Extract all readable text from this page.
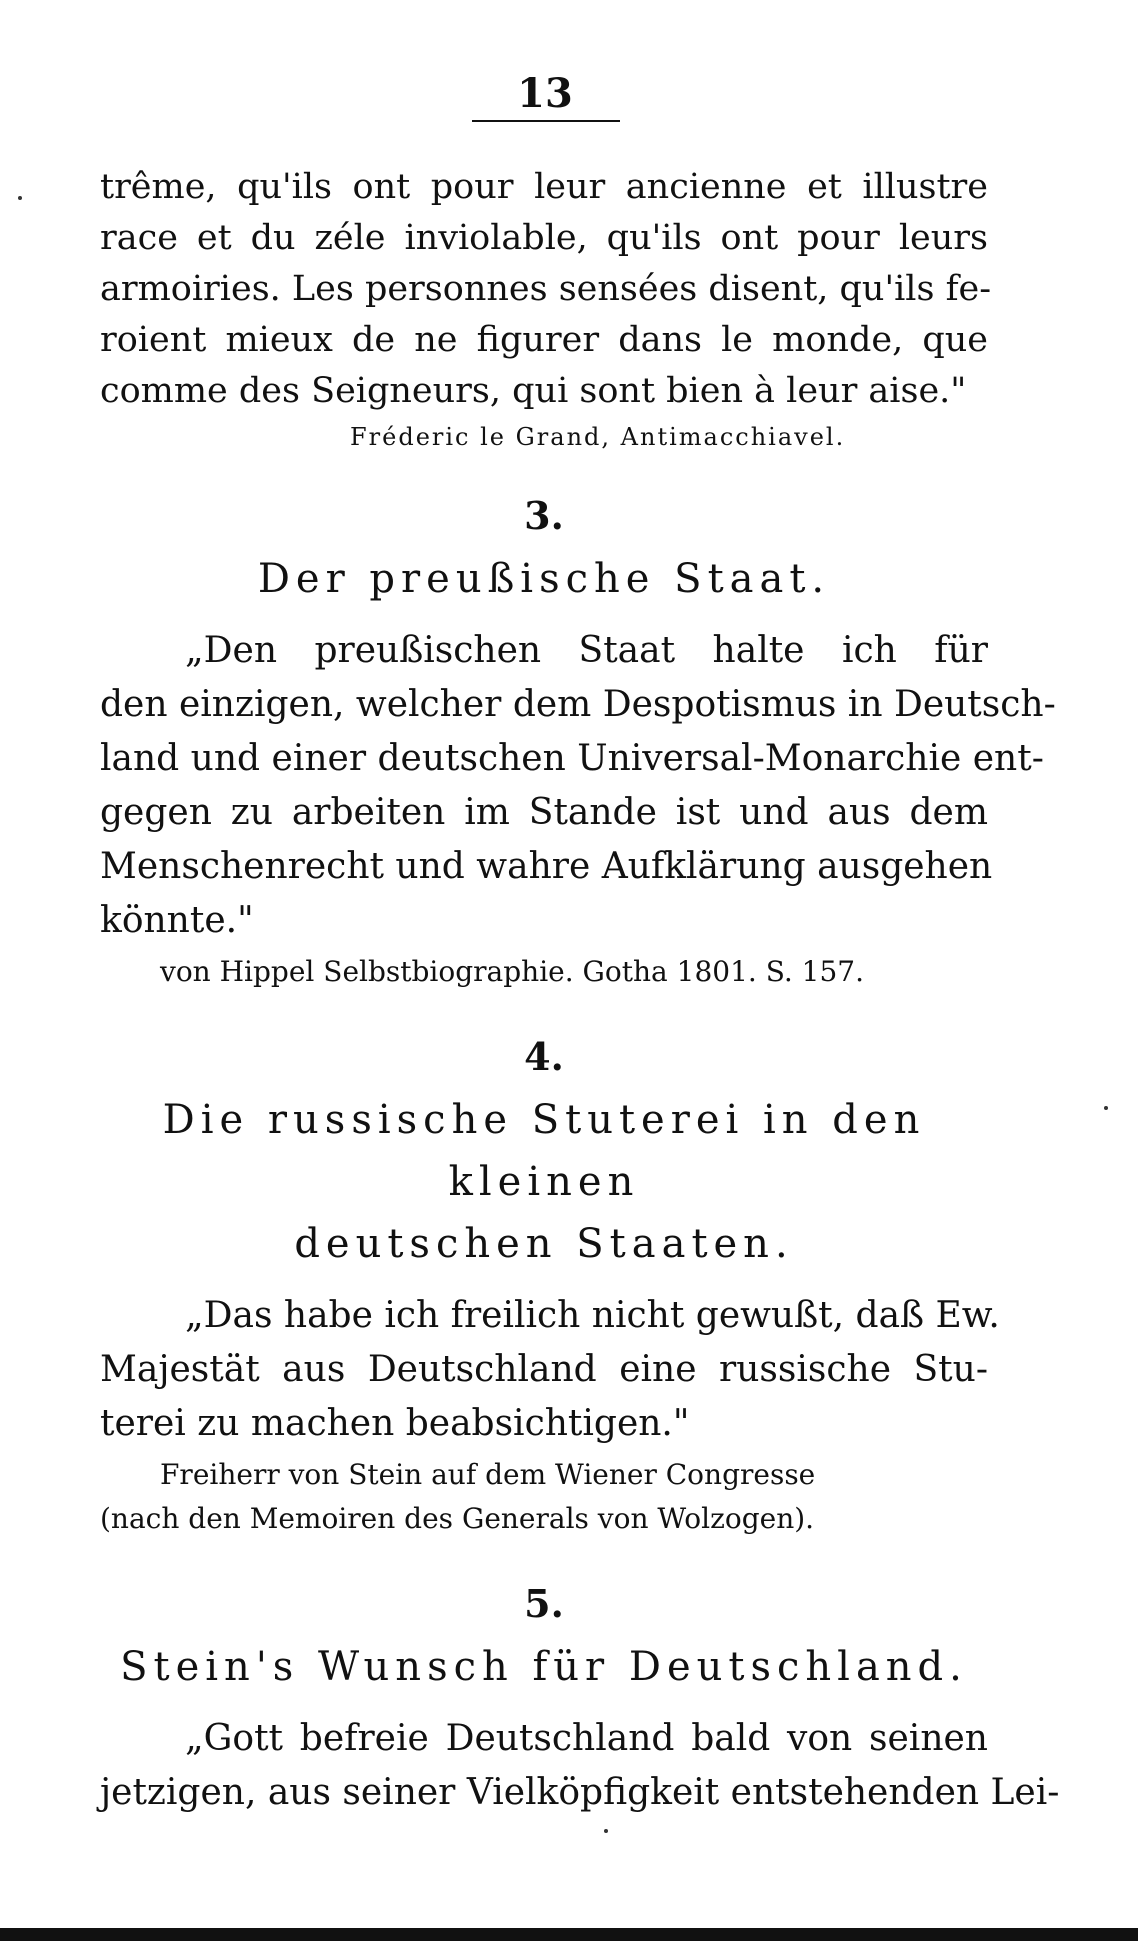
13

trême, qu'ils ont pour leur ancienne et illustre
race et du zéle inviolable, qu'ils ont pour leurs
armoiries. Les personnes sensées disent, qu'ils fe-
roient mieux de ne figurer dans le monde, que
comme des Seigneurs, qui sont bien à leur aise."

Fréderic le Grand, Antimacchiavel.
3.
Der preußische Staat.

„Den preußischen Staat halte ich für
den einzigen, welcher dem Despotismus in Deutsch-
land und einer deutschen Universal-Monarchie ent-
gegen zu arbeiten im Stande ist und aus dem
Menschenrecht und wahre Aufklärung ausgehen
könnte."

von Hippel Selbstbiographie. Gotha 1801. S. 157.
4.
Die russische Stuterei in den kleinen
deutschen Staaten.

„Das habe ich freilich nicht gewußt, daß Ew.
Majestät aus Deutschland eine russische Stu-
terei zu machen beabsichtigen."

Freiherr von Stein auf dem Wiener Congresse
(nach den Memoiren des Generals von Wolzogen).
5.
Stein's Wunsch für Deutschland.

„Gott befreie Deutschland bald von seinen
jetzigen, aus seiner Vielköpfigkeit entstehenden Lei-
